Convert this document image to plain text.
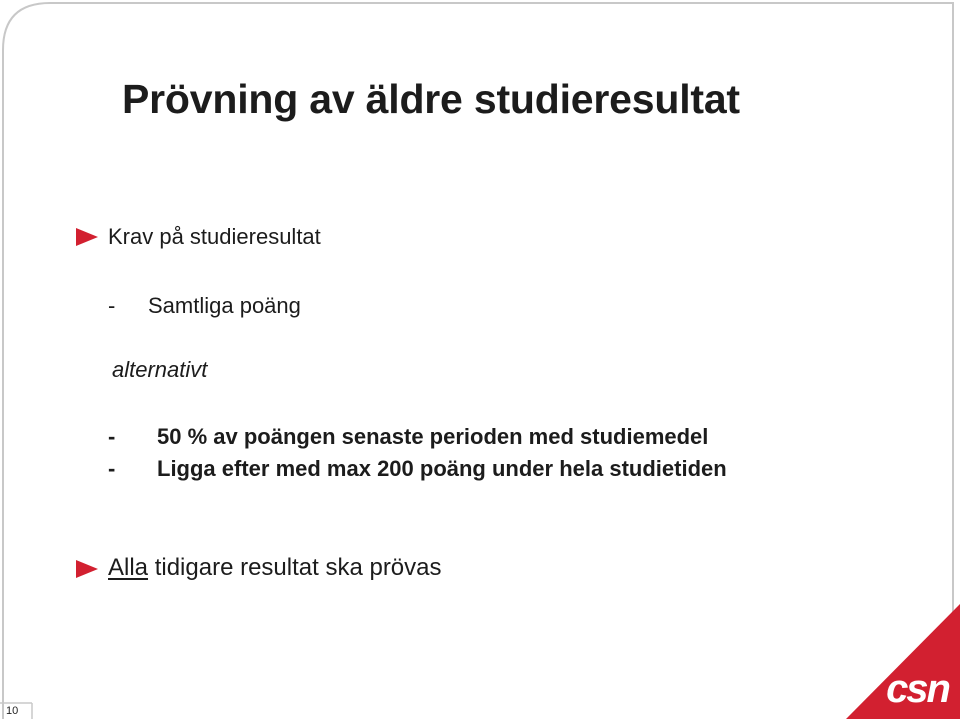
Prövning av äldre studieresultat
Krav på studieresultat
- Samtliga poäng
alternativt
- 50 % av poängen senaste perioden med studiemedel
- Ligga efter med max 200 poäng under hela studietiden
Alla tidigare resultat ska prövas
10	csn
